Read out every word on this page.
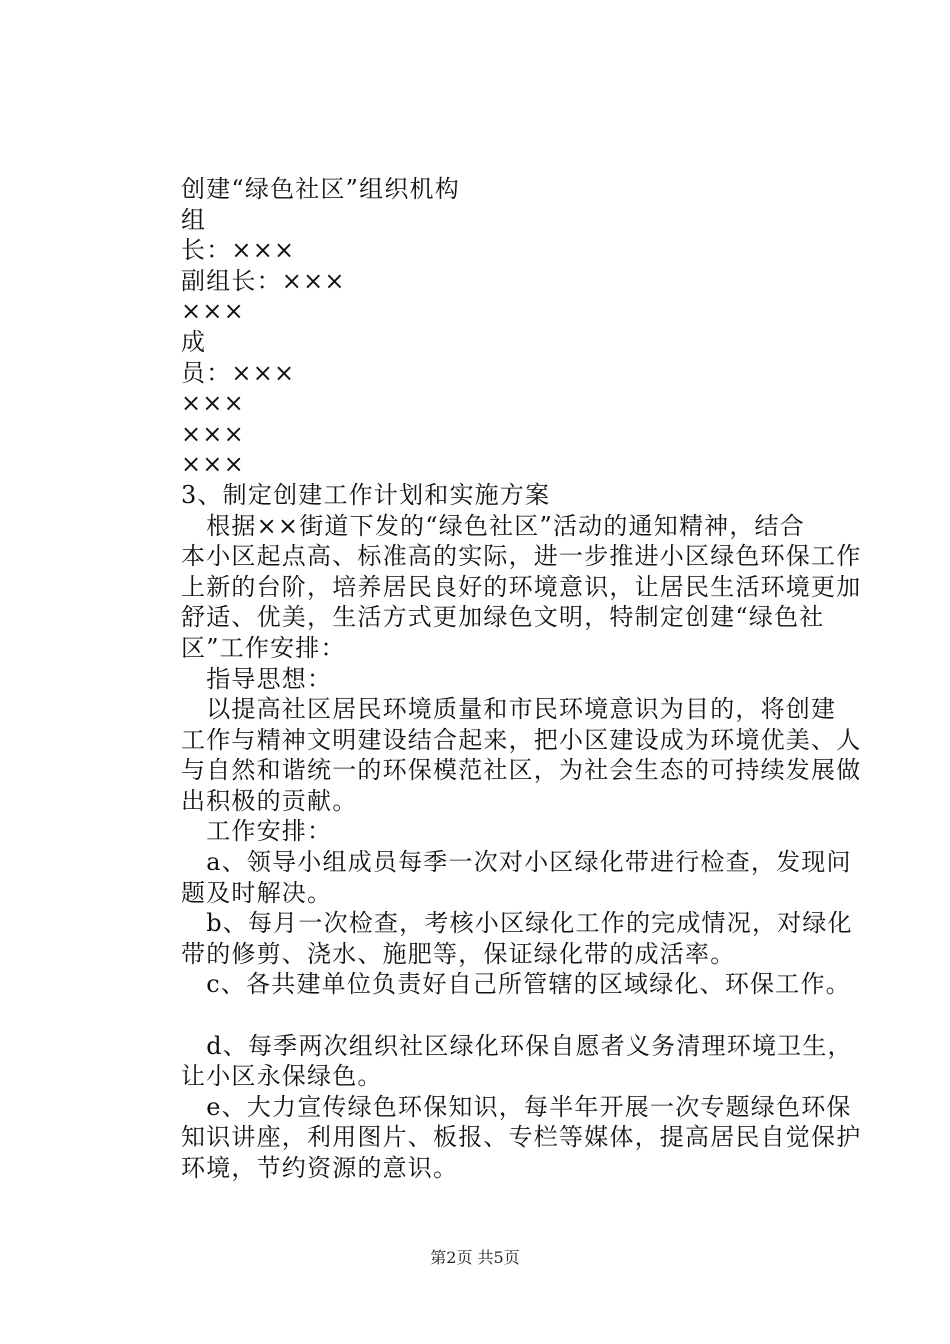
创建“绿色社区”组织机构
组
长：×××
副组长：×××
×××
成
员：×××
×××
×××
×××
3、制定创建工作计划和实施方案
　根据××街道下发的“绿色社区”活动的通知精神，结合
本小区起点高、标准高的实际，进一步推进小区绿色环保工作
上新的台阶，培养居民良好的环境意识，让居民生活环境更加
舒适、优美，生活方式更加绿色文明，特制定创建“绿色社
区”工作安排：
　指导思想：
　以提高社区居民环境质量和市民环境意识为目的，将创建
工作与精神文明建设结合起来，把小区建设成为环境优美、人
与自然和谐统一的环保模范社区，为社会生态的可持续发展做
出积极的贡献。
　工作安排：
　a、领导小组成员每季一次对小区绿化带进行检查，发现问
题及时解决。
　b、每月一次检查，考核小区绿化工作的完成情况，对绿化
带的修剪、浇水、施肥等，保证绿化带的成活率。
　c、各共建单位负责好自己所管辖的区域绿化、环保工作。

　d、每季两次组织社区绿化环保自愿者义务清理环境卫生，
让小区永保绿色。
　e、大力宣传绿色环保知识，每半年开展一次专题绿色环保
知识讲座，利用图片、板报、专栏等媒体，提高居民自觉保护
环境，节约资源的意识。
第2页 共5页
